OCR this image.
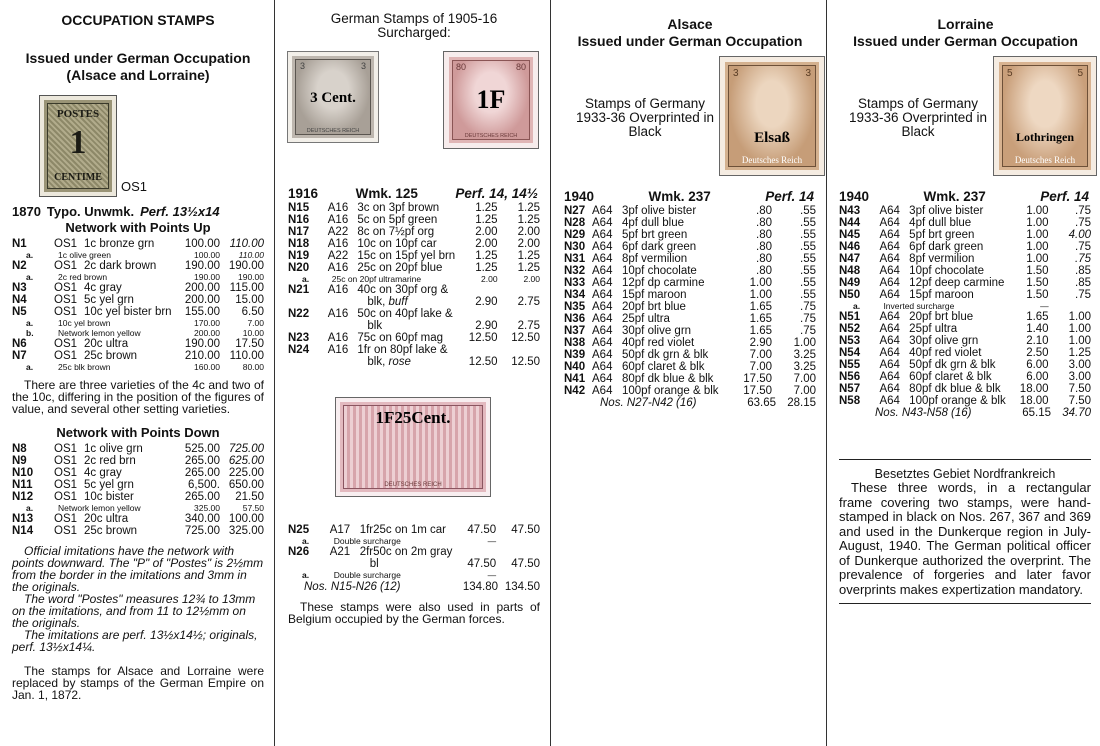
OCCUPATION STAMPS
Issued under German Occupation (Alsace and Lorraine)
POSTES
1
CENTIME
OS1
1870 Typo. Unwmk. Perf. 13½x14
Network with Points Up
N1	OS1	1c bronze grn	100.00	110.00
a.	1c olive green		100.00	110.00
N2	OS1	2c dark brown	190.00	190.00
a.	2c red brown		190.00	190.00
N3	OS1	4c gray	200.00	115.00
N4	OS1	5c yel grn	200.00	15.00
N5	OS1	10c yel bister brn	155.00	6.50
a.	10c yel brown		170.00	7.00
b.	Network lemon yellow		200.00	10.00
N6	OS1	20c ultra	190.00	17.50
N7	OS1	25c brown	210.00	110.00
a.	25c blk brown		160.00	80.00
There are three varieties of the 4c and two of the 10c, differing in the position of the figures of value, and several other setting varieties.
Network with Points Down
N8	OS1	1c olive grn	525.00	725.00
N9	OS1	2c red brn	265.00	625.00
N10	OS1	4c gray	265.00	225.00
N11	OS1	5c yel grn	6,500.	650.00
N12	OS1	10c bister	265.00	21.50
a.	Network lemon yellow		325.00	57.50
N13	OS1	20c ultra	340.00	100.00
N14	OS1	25c brown	725.00	325.00
Official imitations have the network with points downward. The "P" of "Postes" is 2½mm from the border in the imitations and 3mm in the originals.
The word "Postes" measures 12¾ to 13mm on the imitations, and from 11 to 12½mm on the originals.
The imitations are perf. 13½x14½; originals, perf. 13½x14¼.
The stamps for Alsace and Lorraine were replaced by stamps of the German Empire on Jan. 1, 1872.
German Stamps of 1905-16 Surcharged:
3	3
3 Cent.
DEUTSCHES REICH
80	80
1F
DEUTSCHES REICH
1916	Wmk. 125	Perf. 14, 14½
N15	A16	3c on 3pf brown	1.25	1.25
N16	A16	5c on 5pf green	1.25	1.25
N17	A22	8c on 7½pf org	2.00	2.00
N18	A16	10c on 10pf car	2.00	2.00
N19	A22	15c on 15pf yel brn	1.25	1.25
N20	A16	25c on 20pf blue	1.25	1.25
a.	25c on 20pf ultramarine		2.00	2.00
N21	A16	40c on 30pf org &		
		blk, buff	2.90	2.75
N22	A16	50c on 40pf lake &		
		blk	2.90	2.75
N23	A16	75c on 60pf mag	12.50	12.50
N24	A16	1fr on 80pf lake &		
		blk, rose	12.50	12.50
1F25Cent.
DEUTSCHES REICH
N25	A17	1fr25c on 1m car	47.50	47.50
a.	Double surcharge		—	
N26	A21	2fr50c on 2m gray		
		bl	47.50	47.50
a.	Double surcharge		—	
Nos. N15-N26 (12)	134.80 134.50
These stamps were also used in parts of Belgium occupied by the German forces.
Alsace
Issued under German Occupation
Stamps of Germany 1933-36 Overprinted in Black
3	3
Elsaß
Deutsches Reich
1940	Wmk. 237	Perf. 14
N27	A64	3pf olive bister	.80	.55
N28	A64	4pf dull blue	.80	.55
N29	A64	5pf brt green	.80	.55
N30	A64	6pf dark green	.80	.55
N31	A64	8pf vermilion	.80	.55
N32	A64	10pf chocolate	.80	.55
N33	A64	12pf dp carmine	1.00	.55
N34	A64	15pf maroon	1.00	.55
N35	A64	20pf brt blue	1.65	.75
N36	A64	25pf ultra	1.65	.75
N37	A64	30pf olive grn	1.65	.75
N38	A64	40pf red violet	2.90	1.00
N39	A64	50pf dk grn & blk	7.00	3.25
N40	A64	60pf claret & blk	7.00	3.25
N41	A64	80pf dk blue & blk	17.50	7.00
N42	A64	100pf orange & blk	17.50	7.00
Nos. N27-N42 (16)	63.65 28.15
Lorraine
Issued under German Occupation
Stamps of Germany 1933-36 Overprinted in Black
5	5
Lothringen
Deutsches Reich
1940	Wmk. 237	Perf. 14
N43	A64	3pf olive bister	1.00	.75
N44	A64	4pf dull blue	1.00	.75
N45	A64	5pf brt green	1.00	4.00
N46	A64	6pf dark green	1.00	.75
N47	A64	8pf vermilion	1.00	.75
N48	A64	10pf chocolate	1.50	.85
N49	A64	12pf deep carmine	1.50	.85
N50	A64	15pf maroon	1.50	.75
a.	Inverted surcharge		—	
N51	A64	20pf brt blue	1.65	1.00
N52	A64	25pf ultra	1.40	1.00
N53	A64	30pf olive grn	2.10	1.00
N54	A64	40pf red violet	2.50	1.25
N55	A64	50pf dk grn & blk	6.00	3.00
N56	A64	60pf claret & blk	6.00	3.00
N57	A64	80pf dk blue & blk	18.00	7.50
N58	A64	100pf orange & blk	18.00	7.50
Nos. N43-N58 (16)	65.15 34.70
Besetztes Gebiet Nordfrankreich
These three words, in a rectangular frame covering two stamps, were hand-stamped in black on Nos. 267, 367 and 369 and used in the Dunkerque region in July-August, 1940. The German political officer of Dunkerque authorized the overprint. The prevalence of forgeries and later favor overprints makes expertization mandatory.
